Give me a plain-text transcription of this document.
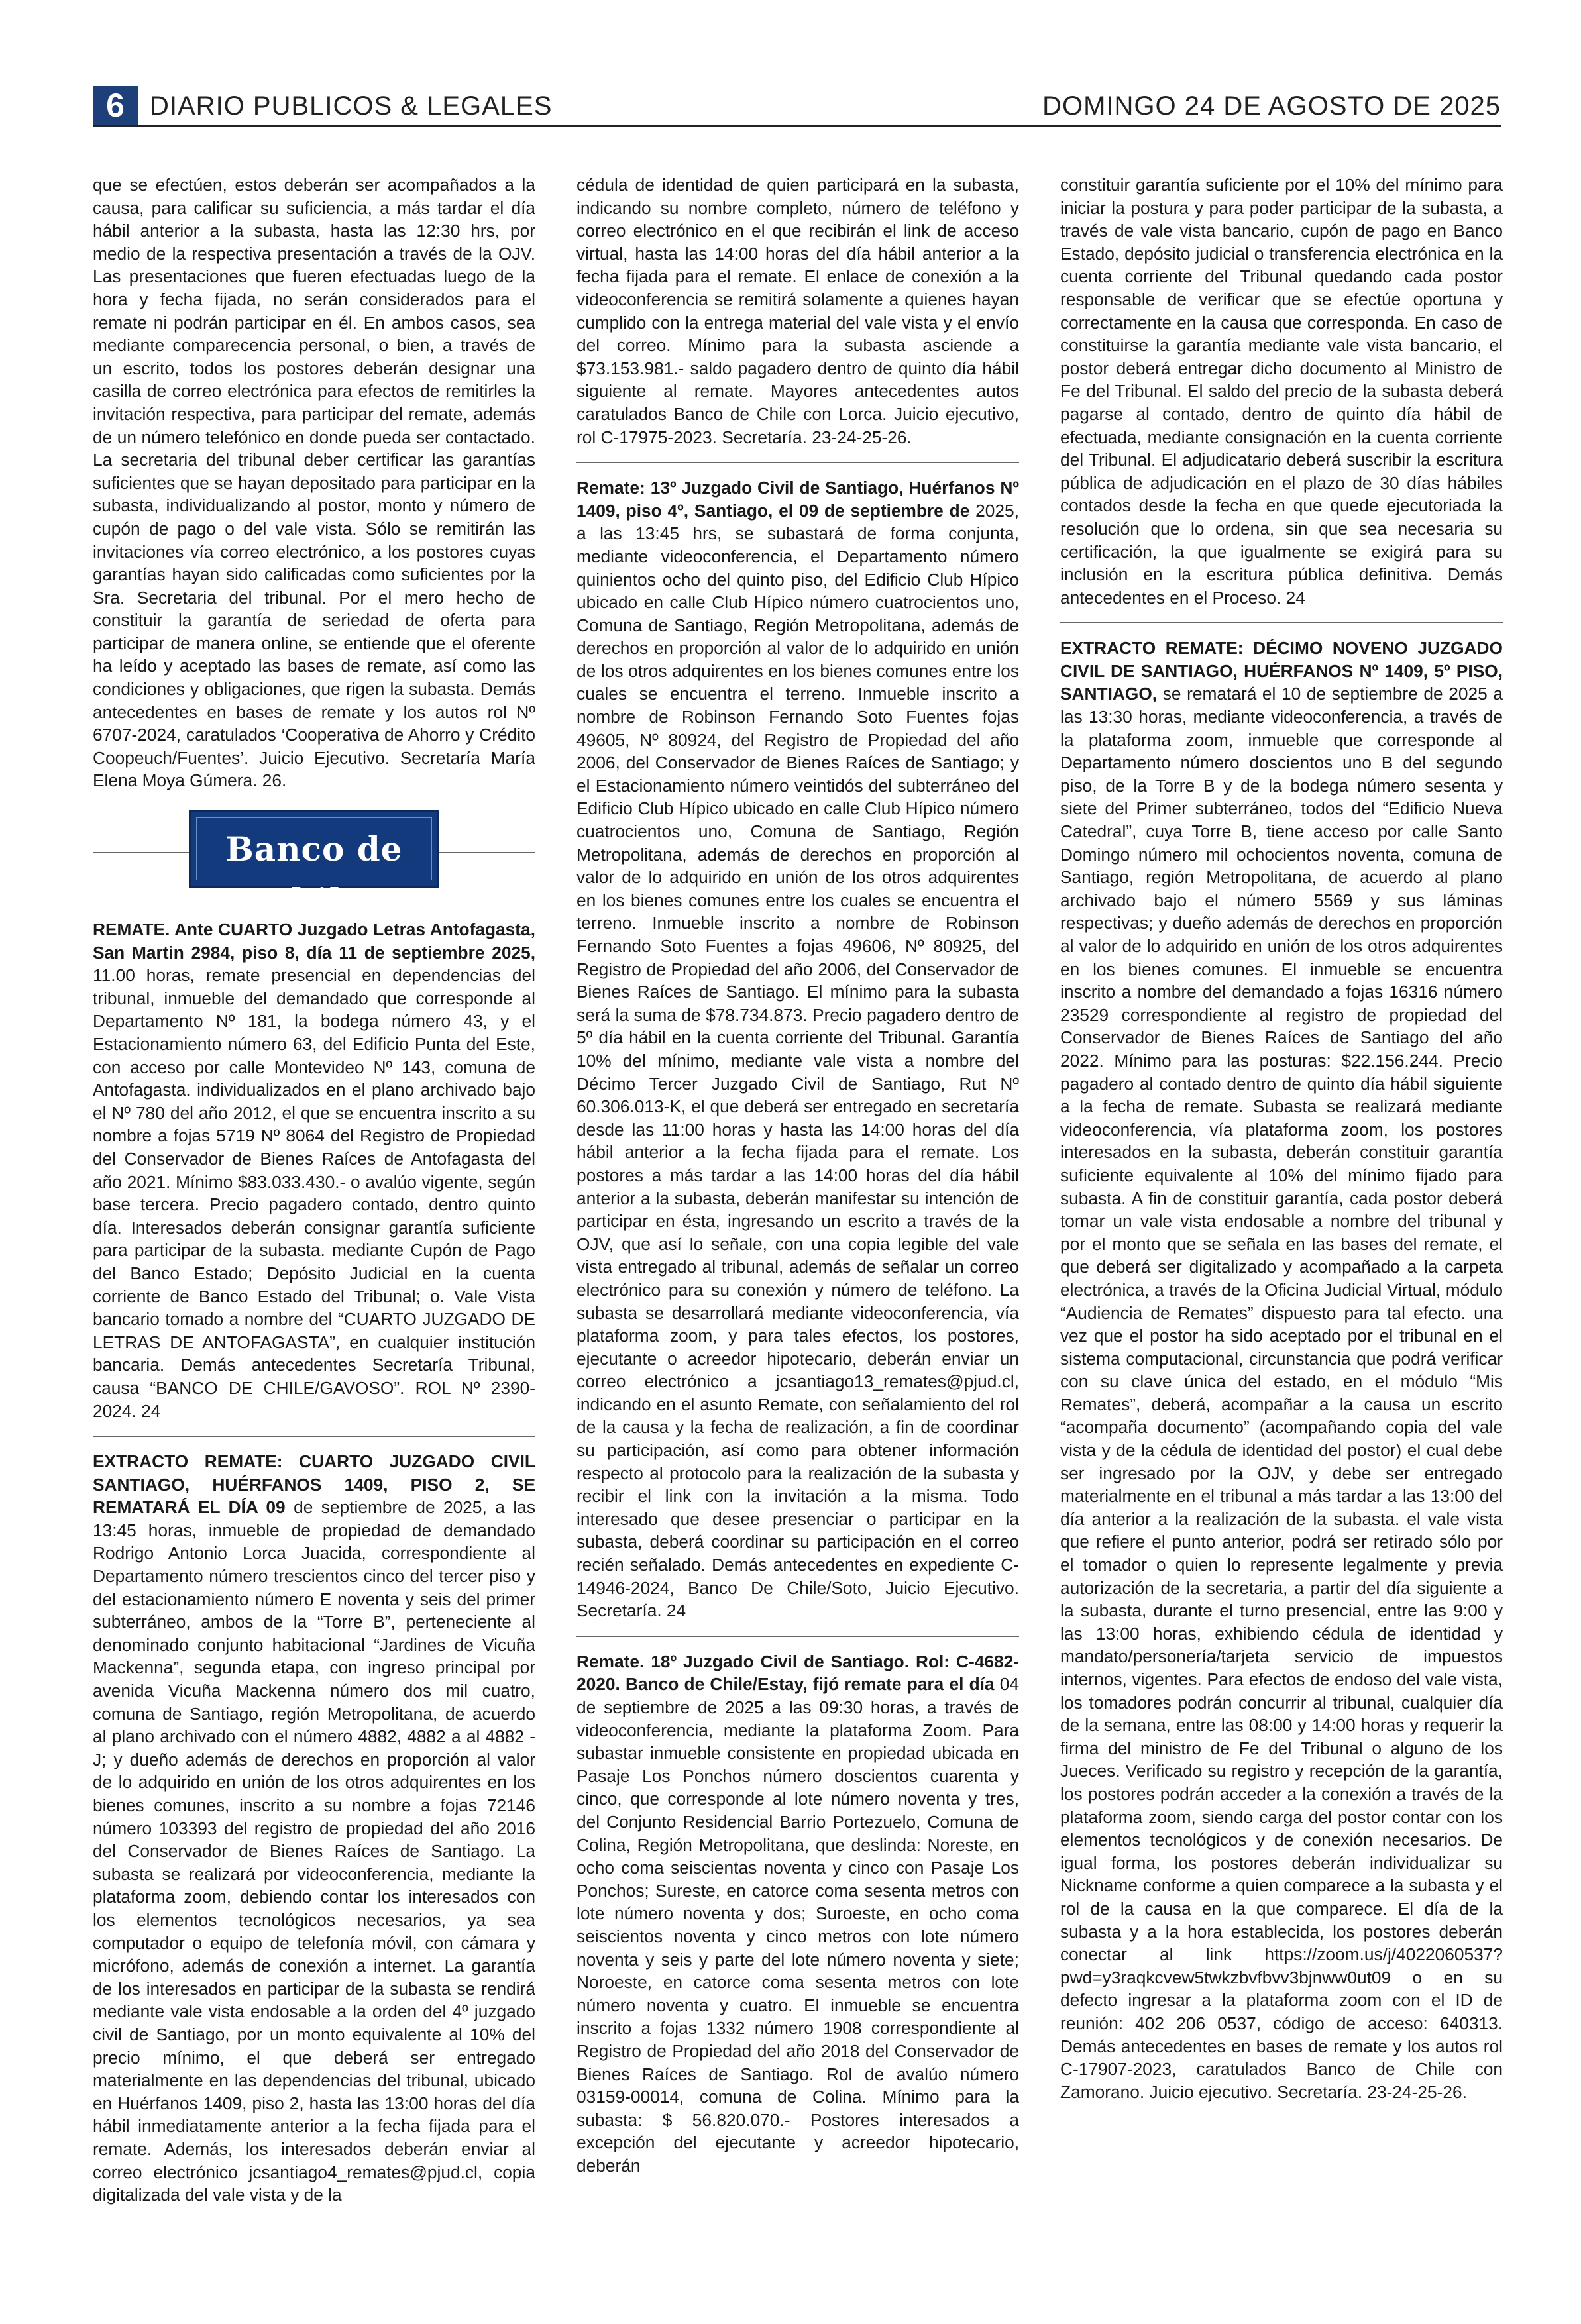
6 DIARIO PUBLICOS & LEGALES	DOMINGO 24 DE AGOSTO DE 2025

que se efectúen, estos deberán ser acompañados a la causa, para calificar su suficiencia, a más tardar el día hábil anterior a la subasta, hasta las 12:30 hrs, por medio de la respectiva presentación a través de la OJV. Las presentaciones que fueren efectuadas luego de la hora y fecha fijada, no serán considerados para el remate ni podrán participar en él. En ambos casos, sea mediante comparecencia personal, o bien, a través de un escrito, todos los postores deberán designar una casilla de correo electrónica para efectos de remitirles la invitación respectiva, para participar del remate, además de un número telefónico en donde pueda ser contactado. La secretaria del tribunal deber certificar las garantías suficientes que se hayan depositado para participar en la subasta, individualizando al postor, monto y número de cupón de pago o del vale vista. Sólo se remitirán las invitaciones vía correo electrónico, a los postores cuyas garantías hayan sido calificadas como suficientes por la Sra. Secretaria del tribunal. Por el mero hecho de constituir la garantía de seriedad de oferta para participar de manera online, se entiende que el oferente ha leído y aceptado las bases de remate, así como las condiciones y obligaciones, que rigen la subasta. Demás antecedentes en bases de remate y los autos rol Nº 6707-2024, caratulados ‘Cooperativa de Ahorro y Crédito Coopeuch/Fuentes’. Juicio Ejecutivo. Secretaría María Elena Moya Gúmera. 26.

Banco de Chile

REMATE. Ante CUARTO Juzgado Letras Antofagasta, San Martin 2984, piso 8, día 11 de septiembre 2025, 11.00 horas, remate presencial en dependencias del tribunal, inmueble del demandado que corresponde al Departamento Nº 181, la bodega número 43, y el Estacionamiento número 63, del Edificio Punta del Este, con acceso por calle Montevideo Nº 143, comuna de Antofagasta. individualizados en el plano archivado bajo el Nº 780 del año 2012, el que se encuentra inscrito a su nombre a fojas 5719 Nº 8064 del Registro de Propiedad del Conservador de Bienes Raíces de Antofagasta del año 2021. Mínimo $83.033.430.- o avalúo vigente, según base tercera. Precio pagadero contado, dentro quinto día. Interesados deberán consignar garantía suficiente para participar de la subasta. mediante Cupón de Pago del Banco Estado; Depósito Judicial en la cuenta corriente de Banco Estado del Tribunal; o. Vale Vista bancario tomado a nombre del “CUARTO JUZGADO DE LETRAS DE ANTOFAGASTA”, en cualquier institución bancaria. Demás antecedentes Secretaría Tribunal, causa “BANCO DE CHILE/GAVOSO”. ROL Nº 2390-2024. 24

EXTRACTO REMATE: CUARTO JUZGADO CIVIL SANTIAGO, HUÉRFANOS 1409, PISO 2, SE REMATARÁ EL DÍA 09 de septiembre de 2025, a las 13:45 horas, inmueble de propiedad de demandado Rodrigo Antonio Lorca Juacida, correspondiente al Departamento número trescientos cinco del tercer piso y del estacionamiento número E noventa y seis del primer subterráneo, ambos de la “Torre B”, perteneciente al denominado conjunto habitacional “Jardines de Vicuña Mackenna”, segunda etapa, con ingreso principal por avenida Vicuña Mackenna número dos mil cuatro, comuna de Santiago, región Metropolitana, de acuerdo al plano archivado con el número 4882, 4882 a al 4882 - J; y dueño además de derechos en proporción al valor de lo adquirido en unión de los otros adquirentes en los bienes comunes, inscrito a su nombre a fojas 72146 número 103393 del registro de propiedad del año 2016 del Conservador de Bienes Raíces de Santiago. La subasta se realizará por videoconferencia, mediante la plataforma zoom, debiendo contar los interesados con los elementos tecnológicos necesarios, ya sea computador o equipo de telefonía móvil, con cámara y micrófono, además de conexión a internet. La garantía de los interesados en participar de la subasta se rendirá mediante vale vista endosable a la orden del 4º juzgado civil de Santiago, por un monto equivalente al 10% del precio mínimo, el que deberá ser entregado materialmente en las dependencias del tribunal, ubicado en Huérfanos 1409, piso 2, hasta las 13:00 horas del día hábil inmediatamente anterior a la fecha fijada para el remate. Además, los interesados deberán enviar al correo electrónico jcsantiago4_remates@pjud.cl, copia digitalizada del vale vista y de la

cédula de identidad de quien participará en la subasta, indicando su nombre completo, número de teléfono y correo electrónico en el que recibirán el link de acceso virtual, hasta las 14:00 horas del día hábil anterior a la fecha fijada para el remate. El enlace de conexión a la videoconferencia se remitirá solamente a quienes hayan cumplido con la entrega material del vale vista y el envío del correo. Mínimo para la subasta asciende a $73.153.981.- saldo pagadero dentro de quinto día hábil siguiente al remate. Mayores antecedentes autos caratulados Banco de Chile con Lorca. Juicio ejecutivo, rol C-17975-2023. Secretaría. 23-24-25-26.

Remate: 13º Juzgado Civil de Santiago, Huérfanos Nº 1409, piso 4º, Santiago, el 09 de septiembre de 2025, a las 13:45 hrs, se subastará de forma conjunta, mediante videoconferencia, el Departamento número quinientos ocho del quinto piso, del Edificio Club Hípico ubicado en calle Club Hípico número cuatrocientos uno, Comuna de Santiago, Región Metropolitana, además de derechos en proporción al valor de lo adquirido en unión de los otros adquirentes en los bienes comunes entre los cuales se encuentra el terreno. Inmueble inscrito a nombre de Robinson Fernando Soto Fuentes fojas 49605, Nº 80924, del Registro de Propiedad del año 2006, del Conservador de Bienes Raíces de Santiago; y el Estacionamiento número veintidós del subterráneo del Edificio Club Hípico ubicado en calle Club Hípico número cuatrocientos uno, Comuna de Santiago, Región Metropolitana, además de derechos en proporción al valor de lo adquirido en unión de los otros adquirentes en los bienes comunes entre los cuales se encuentra el terreno. Inmueble inscrito a nombre de Robinson Fernando Soto Fuentes a fojas 49606, Nº 80925, del Registro de Propiedad del año 2006, del Conservador de Bienes Raíces de Santiago. El mínimo para la subasta será la suma de $78.734.873. Precio pagadero dentro de 5º día hábil en la cuenta corriente del Tribunal. Garantía 10% del mínimo, mediante vale vista a nombre del Décimo Tercer Juzgado Civil de Santiago, Rut Nº 60.306.013-K, el que deberá ser entregado en secretaría desde las 11:00 horas y hasta las 14:00 horas del día hábil anterior a la fecha fijada para el remate. Los postores a más tardar a las 14:00 horas del día hábil anterior a la subasta, deberán manifestar su intención de participar en ésta, ingresando un escrito a través de la OJV, que así lo señale, con una copia legible del vale vista entregado al tribunal, además de señalar un correo electrónico para su conexión y número de teléfono. La subasta se desarrollará mediante videoconferencia, vía plataforma zoom, y para tales efectos, los postores, ejecutante o acreedor hipotecario, deberán enviar un correo electrónico a jcsantiago13_remates@pjud.cl, indicando en el asunto Remate, con señalamiento del rol de la causa y la fecha de realización, a fin de coordinar su participación, así como para obtener información respecto al protocolo para la realización de la subasta y recibir el link con la invitación a la misma. Todo interesado que desee presenciar o participar en la subasta, deberá coordinar su participación en el correo recién señalado. Demás antecedentes en expediente C-14946-2024, Banco De Chile/Soto, Juicio Ejecutivo. Secretaría. 24

Remate. 18º Juzgado Civil de Santiago. Rol: C-4682-2020. Banco de Chile/Estay, fijó remate para el día 04 de septiembre de 2025 a las 09:30 horas, a través de videoconferencia, mediante la plataforma Zoom. Para subastar inmueble consistente en propiedad ubicada en Pasaje Los Ponchos número doscientos cuarenta y cinco, que corresponde al lote número noventa y tres, del Conjunto Residencial Barrio Portezuelo, Comuna de Colina, Región Metropolitana, que deslinda: Noreste, en ocho coma seiscientas noventa y cinco con Pasaje Los Ponchos; Sureste, en catorce coma sesenta metros con lote número noventa y dos; Suroeste, en ocho coma seiscientos noventa y cinco metros con lote número noventa y seis y parte del lote número noventa y siete; Noroeste, en catorce coma sesenta metros con lote número noventa y cuatro. El inmueble se encuentra inscrito a fojas 1332 número 1908 correspondiente al Registro de Propiedad del año 2018 del Conservador de Bienes Raíces de Santiago. Rol de avalúo número 03159-00014, comuna de Colina. Mínimo para la subasta: $ 56.820.070.- Postores interesados a excepción del ejecutante y acreedor hipotecario, deberán

constituir garantía suficiente por el 10% del mínimo para iniciar la postura y para poder participar de la subasta, a través de vale vista bancario, cupón de pago en Banco Estado, depósito judicial o transferencia electrónica en la cuenta corriente del Tribunal quedando cada postor responsable de verificar que se efectúe oportuna y correctamente en la causa que corresponda. En caso de constituirse la garantía mediante vale vista bancario, el postor deberá entregar dicho documento al Ministro de Fe del Tribunal. El saldo del precio de la subasta deberá pagarse al contado, dentro de quinto día hábil de efectuada, mediante consignación en la cuenta corriente del Tribunal. El adjudicatario deberá suscribir la escritura pública de adjudicación en el plazo de 30 días hábiles contados desde la fecha en que quede ejecutoriada la resolución que lo ordena, sin que sea necesaria su certificación, la que igualmente se exigirá para su inclusión en la escritura pública definitiva. Demás antecedentes en el Proceso. 24

EXTRACTO REMATE: DÉCIMO NOVENO JUZGADO CIVIL DE SANTIAGO, HUÉRFANOS Nº 1409, 5º PISO, SANTIAGO, se rematará el 10 de septiembre de 2025 a las 13:30 horas, mediante videoconferencia, a través de la plataforma zoom, inmueble que corresponde al Departamento número doscientos uno B del segundo piso, de la Torre B y de la bodega número sesenta y siete del Primer subterráneo, todos del “Edificio Nueva Catedral”, cuya Torre B, tiene acceso por calle Santo Domingo número mil ochocientos noventa, comuna de Santiago, región Metropolitana, de acuerdo al plano archivado bajo el número 5569 y sus láminas respectivas; y dueño además de derechos en proporción al valor de lo adquirido en unión de los otros adquirentes en los bienes comunes. El inmueble se encuentra inscrito a nombre del demandado a fojas 16316 número 23529 correspondiente al registro de propiedad del Conservador de Bienes Raíces de Santiago del año 2022. Mínimo para las posturas: $22.156.244. Precio pagadero al contado dentro de quinto día hábil siguiente a la fecha de remate. Subasta se realizará mediante videoconferencia, vía plataforma zoom, los postores interesados en la subasta, deberán constituir garantía suficiente equivalente al 10% del mínimo fijado para subasta. A fin de constituir garantía, cada postor deberá tomar un vale vista endosable a nombre del tribunal y por el monto que se señala en las bases del remate, el que deberá ser digitalizado y acompañado a la carpeta electrónica, a través de la Oficina Judicial Virtual, módulo “Audiencia de Remates” dispuesto para tal efecto. una vez que el postor ha sido aceptado por el tribunal en el sistema computacional, circunstancia que podrá verificar con su clave única del estado, en el módulo “Mis Remates”, deberá, acompañar a la causa un escrito “acompaña documento” (acompañando copia del vale vista y de la cédula de identidad del postor) el cual debe ser ingresado por la OJV, y debe ser entregado materialmente en el tribunal a más tardar a las 13:00 del día anterior a la realización de la subasta. el vale vista que refiere el punto anterior, podrá ser retirado sólo por el tomador o quien lo represente legalmente y previa autorización de la secretaria, a partir del día siguiente a la subasta, durante el turno presencial, entre las 9:00 y las 13:00 horas, exhibiendo cédula de identidad y mandato/personería/tarjeta servicio de impuestos internos, vigentes. Para efectos de endoso del vale vista, los tomadores podrán concurrir al tribunal, cualquier día de la semana, entre las 08:00 y 14:00 horas y requerir la firma del ministro de Fe del Tribunal o alguno de los Jueces. Verificado su registro y recepción de la garantía, los postores podrán acceder a la conexión a través de la plataforma zoom, siendo carga del postor contar con los elementos tecnológicos y de conexión necesarios. De igual forma, los postores deberán individualizar su Nickname conforme a quien comparece a la subasta y el rol de la causa en la que comparece. El día de la subasta y a la hora establecida, los postores deberán conectar al link https://zoom.us/j/4022060537?pwd=y3raqkcvew5twkzbvfbvv3bjnww0ut09 o en su defecto ingresar a la plataforma zoom con el ID de reunión: 402 206 0537, código de acceso: 640313. Demás antecedentes en bases de remate y los autos rol C-17907-2023, caratulados Banco de Chile con Zamorano. Juicio ejecutivo. Secretaría. 23-24-25-26.
